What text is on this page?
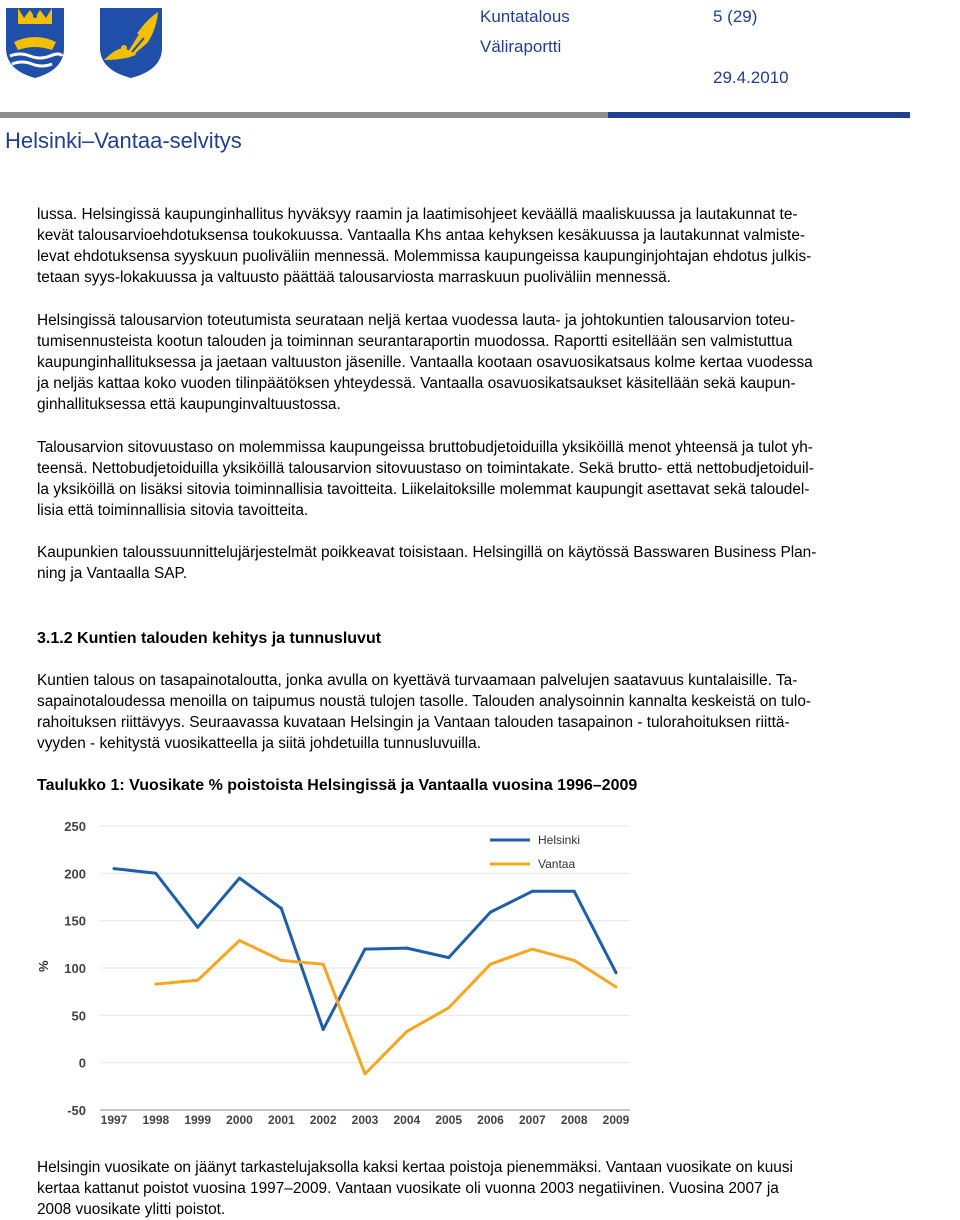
Kuntatalous	5 (29)
Väliraportti
29.4.2010
Helsinki–Vantaa-selvitys

lussa. Helsingissä kaupunginhallitus hyväksyy raamin ja laatimisohjeet keväällä maaliskuussa ja lautakunnat te-

kevät talousarvioehdotuksensa toukokuussa. Vantaalla Khs antaa kehyksen kesäkuussa ja lautakunnat valmiste-

levat ehdotuksensa syyskuun puoliväliin mennessä. Molemmissa kaupungeissa kaupunginjohtajan ehdotus julkis-

tetaan syys-lokakuussa ja valtuusto päättää talousarviosta marraskuun puoliväliin mennessä.

Helsingissä talousarvion toteutumista seurataan neljä kertaa vuodessa lauta- ja johtokuntien talousarvion toteu-

tumisennusteista kootun talouden ja toiminnan seurantaraportin muodossa. Raportti esitellään sen valmistuttua

kaupunginhallituksessa ja jaetaan valtuuston jäsenille. Vantaalla kootaan osavuosikatsaus kolme kertaa vuodessa

ja neljäs kattaa koko vuoden tilinpäätöksen yhteydessä. Vantaalla osavuosikatsaukset käsitellään sekä kaupun-

ginhallituksessa että kaupunginvaltuustossa.

Talousarvion sitovuustaso on molemmissa kaupungeissa bruttobudjetoiduilla yksiköillä menot yhteensä ja tulot yh-

teensä. Nettobudjetoiduilla yksiköillä talousarvion sitovuustaso on toimintakate. Sekä brutto- että nettobudjetoiduil-

la yksiköillä on lisäksi sitovia toiminnallisia tavoitteita. Liikelaitoksille molemmat kaupungit asettavat sekä taloudel-

lisia että toiminnallisia sitovia tavoitteita.

Kaupunkien taloussuunnittelujärjestelmät poikkeavat toisistaan. Helsingillä on käytössä Basswaren Business Plan-

ning ja Vantaalla SAP.

3.1.2 Kuntien talouden kehitys ja tunnusluvut

Kuntien talous on tasapainotaloutta, jonka avulla on kyettävä turvaamaan palvelujen saatavuus kuntalaisille. Ta-

sapainotaloudessa menoilla on taipumus noustä tulojen tasolle. Talouden analysoinnin kannalta keskeistä on tulo-

rahoituksen riittävyys. Seuraavassa kuvataan Helsingin ja Vantaan talouden tasapainon - tulorahoituksen riittä-

vyyden - kehitystä vuosikatteella ja siitä johdetuilla tunnusluvuilla.

Taulukko 1: Vuosikate % poistoista Helsingissä ja Vantaalla vuosina 1996–2009
250
200
150
100
50
0
-50
1997 1998 1999 2000 2001 2002 2003 2004 2005 2006 2007 2008 2009
%
Helsinki
Vantaa

Helsingin vuosikate on jäänyt tarkastelujaksolla kaksi kertaa poistoja pienemmäksi. Vantaan vuosikate on kuusi

kertaa kattanut poistot vuosina 1997–2009. Vantaan vuosikate oli vuonna 2003 negatiivinen. Vuosina 2007 ja

2008 vuosikate ylitti poistot.
